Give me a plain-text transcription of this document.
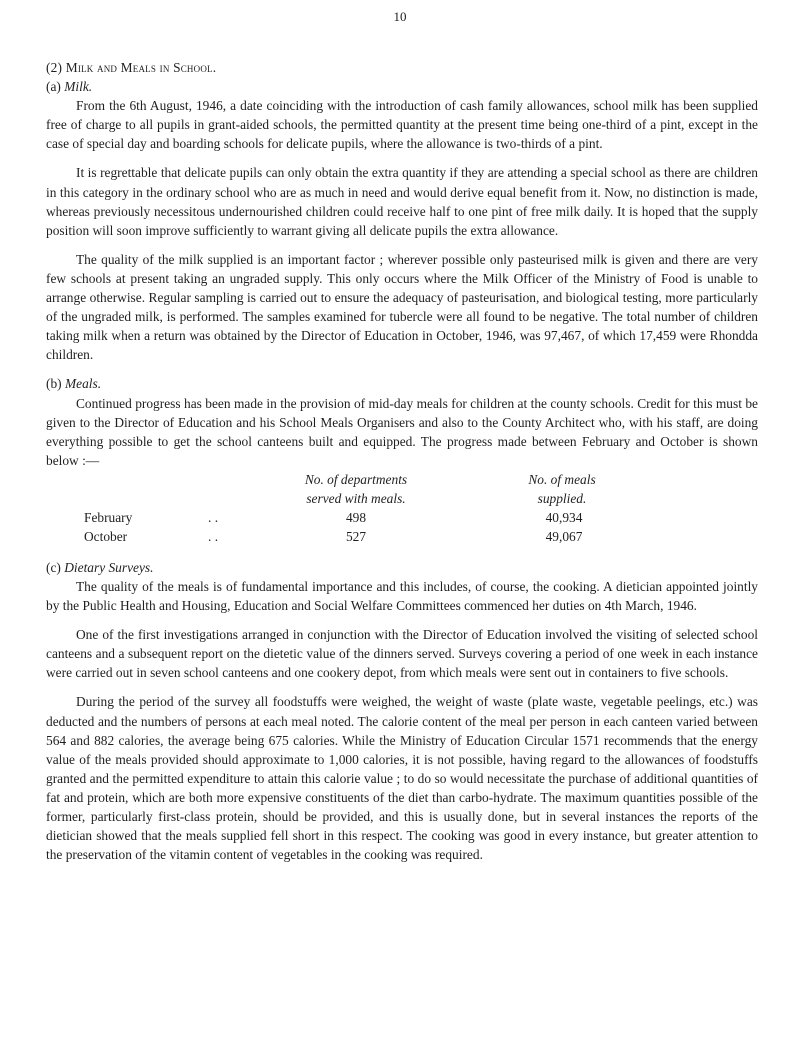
10
(2) Milk and Meals in School.
(a) Milk.

From the 6th August, 1946, a date coinciding with the introduction of cash family allowances, school milk has been supplied free of charge to all pupils in grant-aided schools, the permitted quantity at the present time being one-third of a pint, except in the case of special day and boarding schools for delicate pupils, where the allowance is two-thirds of a pint.

It is regrettable that delicate pupils can only obtain the extra quantity if they are attending a special school as there are children in this category in the ordinary school who are as much in need and would derive equal benefit from it. Now, no distinction is made, whereas previously necessitous undernourished children could receive half to one pint of free milk daily. It is hoped that the supply position will soon improve sufficiently to warrant giving all delicate pupils the extra allowance.

The quality of the milk supplied is an important factor ; wherever possible only pasteurised milk is given and there are very few schools at present taking an ungraded supply. This only occurs where the Milk Officer of the Ministry of Food is unable to arrange otherwise. Regular sampling is carried out to ensure the adequacy of pasteurisation, and biological testing, more particularly of the ungraded milk, is performed. The samples examined for tubercle were all found to be negative. The total number of children taking milk when a return was obtained by the Director of Education in October, 1946, was 97,467, of which 17,459 were Rhondda children.

(b) Meals.

Continued progress has been made in the provision of mid-day meals for children at the county schools. Credit for this must be given to the Director of Education and his School Meals Organisers and also to the County Architect who, with his staff, are doing everything possible to get the school canteens built and equipped. The progress made between February and October is shown below :—

No. of departments
served with meals.
No. of meals
supplied.
February	. .	498	40,934
October	. .	527	49,067
(c) Dietary Surveys.

The quality of the meals is of fundamental importance and this includes, of course, the cooking. A dietician appointed jointly by the Public Health and Housing, Education and Social Welfare Committees commenced her duties on 4th March, 1946.

One of the first investigations arranged in conjunction with the Director of Education involved the visiting of selected school canteens and a subsequent report on the dietetic value of the dinners served. Surveys covering a period of one week in each instance were carried out in seven school canteens and one cookery depot, from which meals were sent out in containers to five schools.

During the period of the survey all foodstuffs were weighed, the weight of waste (plate waste, vegetable peelings, etc.) was deducted and the numbers of persons at each meal noted. The calorie content of the meal per person in each canteen varied between 564 and 882 calories, the average being 675 calories. While the Ministry of Education Circular 1571 recommends that the energy value of the meals provided should approximate to 1,000 calories, it is not possible, having regard to the allowances of foodstuffs granted and the permitted expenditure to attain this calorie value ; to do so would necessitate the purchase of additional quantities of fat and protein, which are both more expensive constituents of the diet than carbo-hydrate. The maximum quantities possible of the former, particularly first-class protein, should be provided, and this is usually done, but in several instances the reports of the dietician showed that the meals supplied fell short in this respect. The cooking was good in every instance, but greater attention to the preservation of the vitamin content of vegetables in the cooking was required.
